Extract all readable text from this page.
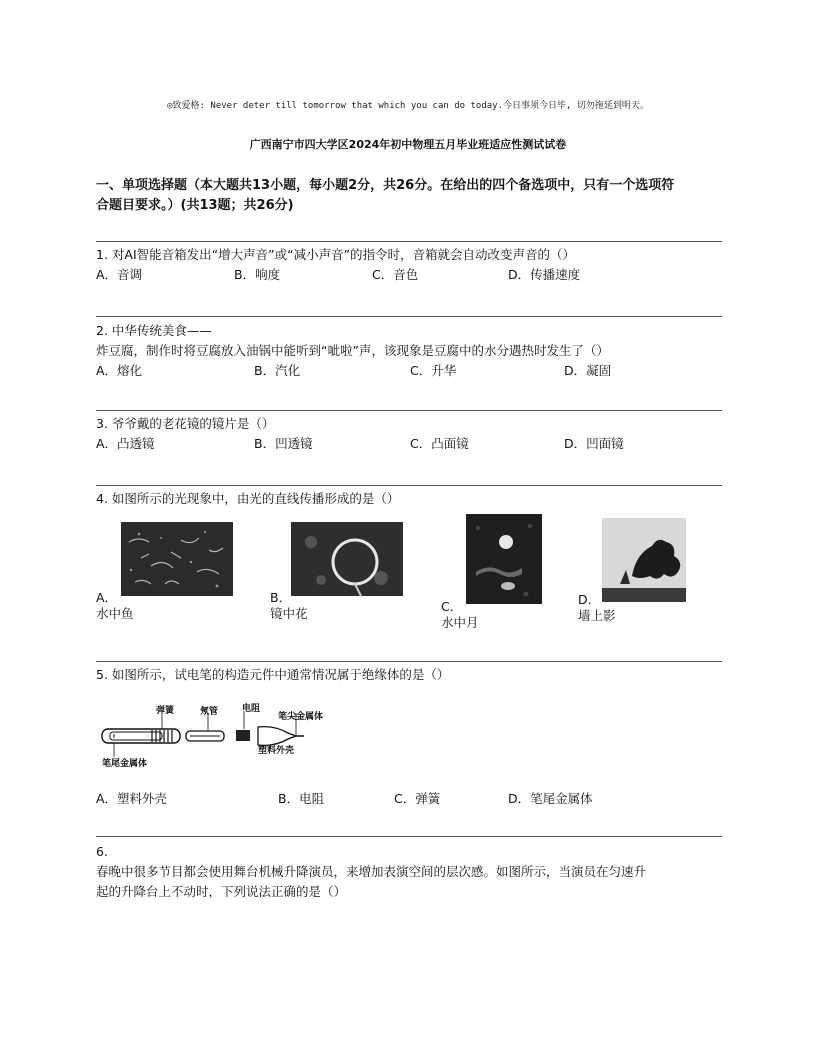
◎致爱格: Never deter till tomorrow that which you can do today.今日事须今日毕, 切勿拖延到明天。
广西南宁市四大学区2024年初中物理五月毕业班适应性测试试卷
一、单项选择题（本大题共13小题，每小题2分，共26分。在给出的四个备选项中，只有一个选项符
合题目要求。）(共13题；共26分)

1. 对AI智能音箱发出“增大声音”或“减小声音”的指令时，音箱就会自动改变声音的（）

A．音调	B．响度	C．音色	D．传播速度

2. 中华传统美食——

炸豆腐，制作时将豆腐放入油锅中能听到“呲啦”声，该现象是豆腐中的水分遇热时发生了（）

A．熔化	B．汽化	C．升华	D．凝固

3. 爷爷戴的老花镜的镜片是（）

A．凸透镜	B．凹透镜	C．凸面镜	D．凹面镜

4. 如图所示的光现象中，由光的直线传播形成的是（）

A．
水中鱼
B．
镜中花	C．
水中月
D．
墙上影

5. 如图所示，试电笔的构造元件中通常情况属于绝缘体的是（）

弹簧	氖管	电阻
笔尖金属体
塑料外壳
笔尾金属体
A．塑料外壳	B．电阻	C．弹簧	D．笔尾金属体

6.

春晚中很多节目都会使用舞台机械升降演员，来增加表演空间的层次感。如图所示，当演员在匀速升

起的升降台上不动时，下列说法正确的是（）
